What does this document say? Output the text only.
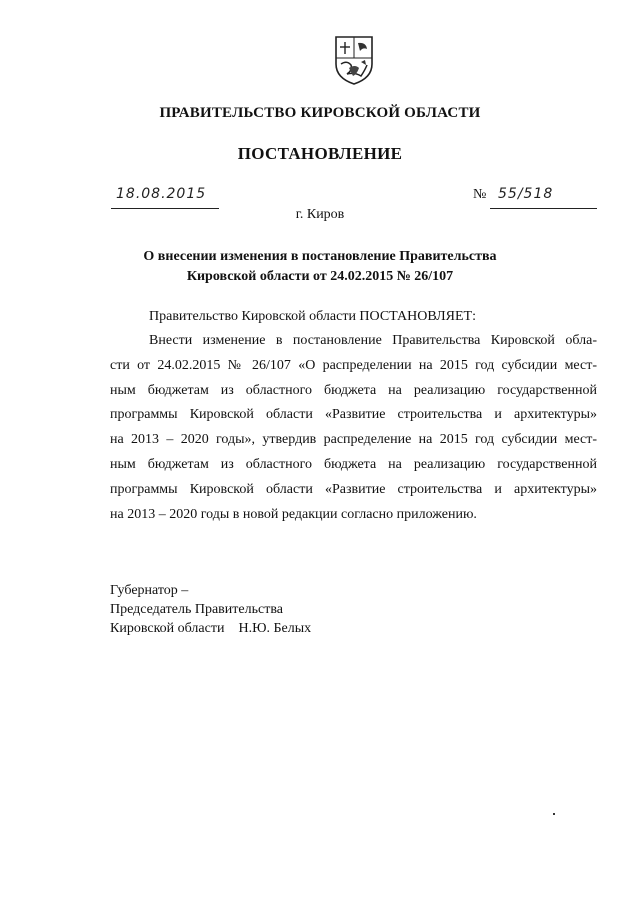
ПРАВИТЕЛЬСТВО КИРОВСКОЙ ОБЛАСТИ
ПОСТАНОВЛЕНИЕ
18.08.2015	№ 55/518
г. Киров
О внесении изменения в постановление Правительства
Кировской области от 24.02.2015 № 26/107
Правительство Кировской области ПОСТАНОВЛЯЕТ:
Внести изменение в постановление Правительства Кировской обла-
сти от 24.02.2015 № 26/107 «О распределении на 2015 год субсидии мест-
ным бюджетам из областного бюджета на реализацию государственной
программы Кировской области «Развитие строительства и архитектуры»
на 2013 – 2020 годы», утвердив распределение на 2015 год субсидии мест-
ным бюджетам из областного бюджета на реализацию государственной
программы Кировской области «Развитие строительства и архитектуры»
на 2013 – 2020 годы в новой редакции согласно приложению.
Губернатор –
Председатель Правительства
Кировской области Н.Ю. Белых
